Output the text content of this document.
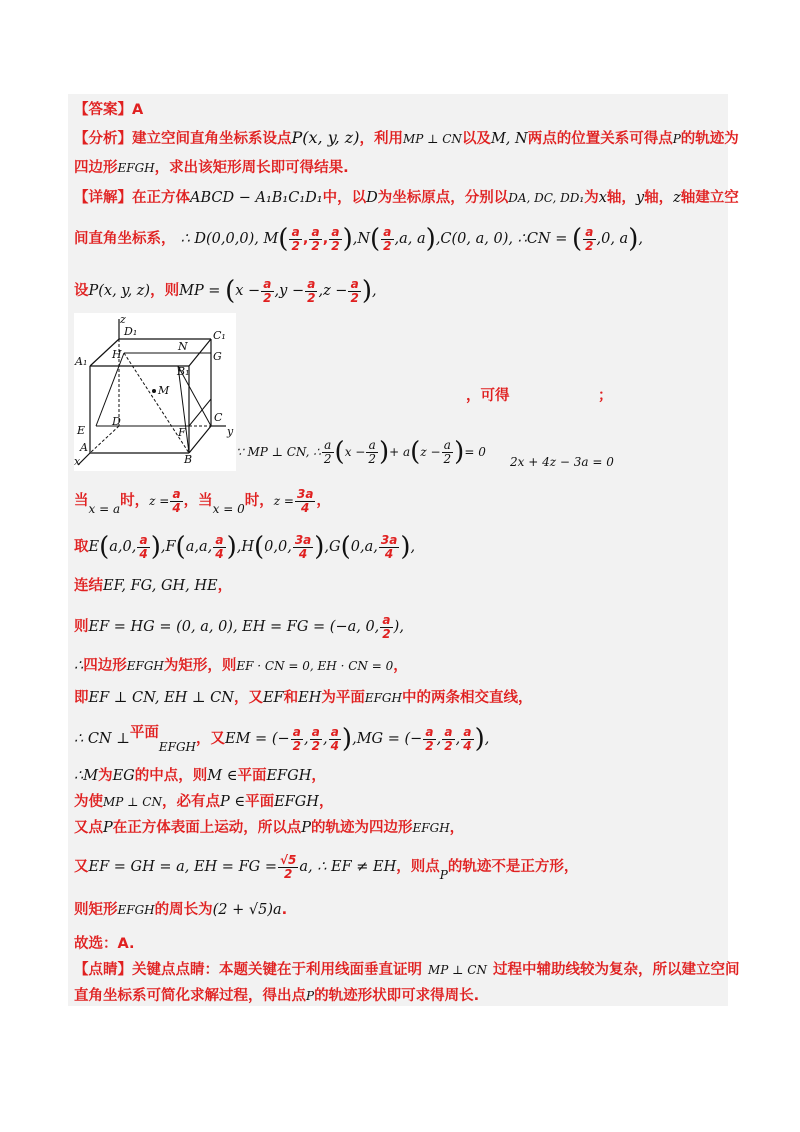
【答案】A
【分析】建立空间直角坐标系设点P(x, y, z)，利用MP ⊥ CN以及M, N两点的位置关系可得点P的轨迹为
四边形EFGH，求出该矩形周长即可得结果.
【详解】在正方体ABCD − A₁B₁C₁D₁中，以D为坐标原点，分别以DA, DC, DD₁为x轴，y轴，z轴建立空
间直角坐标系， ∴ D(0,0,0), $M( \frac{a}{2}$ , $\frac{a}{2}$ , $\frac{a}{2} ),N( \frac{a}{2} ,a$, a),C(0, a, 0), ∴CN = ( $\frac{a}{2} ,0$, a),
设P(x, y, z)，则MP = ($x - \frac{a}{2} ,y - \frac{a}{2} ,z - \frac{a}{2}$ ),
z
D₁	C₁
A₁
H
N
G
B₁
M
C
E
D
F	y
A
B
x
，可得	；
∵ MP ⊥ CN, ∴ $\frac{a}{2} (x - \frac{a}{2}$ )+ $a(z - \frac{a}{2}$ )= 0
2x + 4z − 3a = 0
当$_{x = a}$时，$z = \frac{a}{4}$ ，当$_{x = 0}$时，$z = \frac{3a}{4}$ ，
取E(a,0, $\frac{a}{4} ),F(a,a$, $\frac{a}{4} ),H(0,0$, $\frac{3a}{4} ),G(0,a$, $\frac{3a}{4}$ ),
连结EF, FG, GH, HE，
则EF = HG = (0, a, 0), EH = FG = (−a, 0, $\frac{a}{2}$ ),
∴四边形EFGH为矩形，则EF · CN = 0, EH · CN = 0，
即EF ⊥ CN, EH ⊥ CN，又EF和EH为平面EFGH中的两条相交直线，
∴ CN ⊥平面$_{EFGH}$，又EM = (− $\frac{a}{2}$ , $\frac{a}{2}$ , $\frac{a}{4} ),MG$ = (− $\frac{a}{2}$ , $\frac{a}{2}$ , $\frac{a}{4}$ ),
∴M为EG的中点，则M ∈平面EFGH，
为使MP ⊥ CN，必有点P ∈平面EFGH，
又点P在正方体表面上运动，所以点P的轨迹为四边形EFGH，
又EF = GH = a, EH = FG = $\frac{√5}{2} a$, ∴ EF ≠ EH，则点$_P$的轨迹不是正方形，
则矩形EFGH的周长为(2 + √5)a.
故选：A.
【点睛】关键点点睛：本题关键在于利用线面垂直证明 MP ⊥ CN 过程中辅助线较为复杂，所以建立空间
直角坐标系可简化求解过程，得出点P的轨迹形状即可求得周长.
